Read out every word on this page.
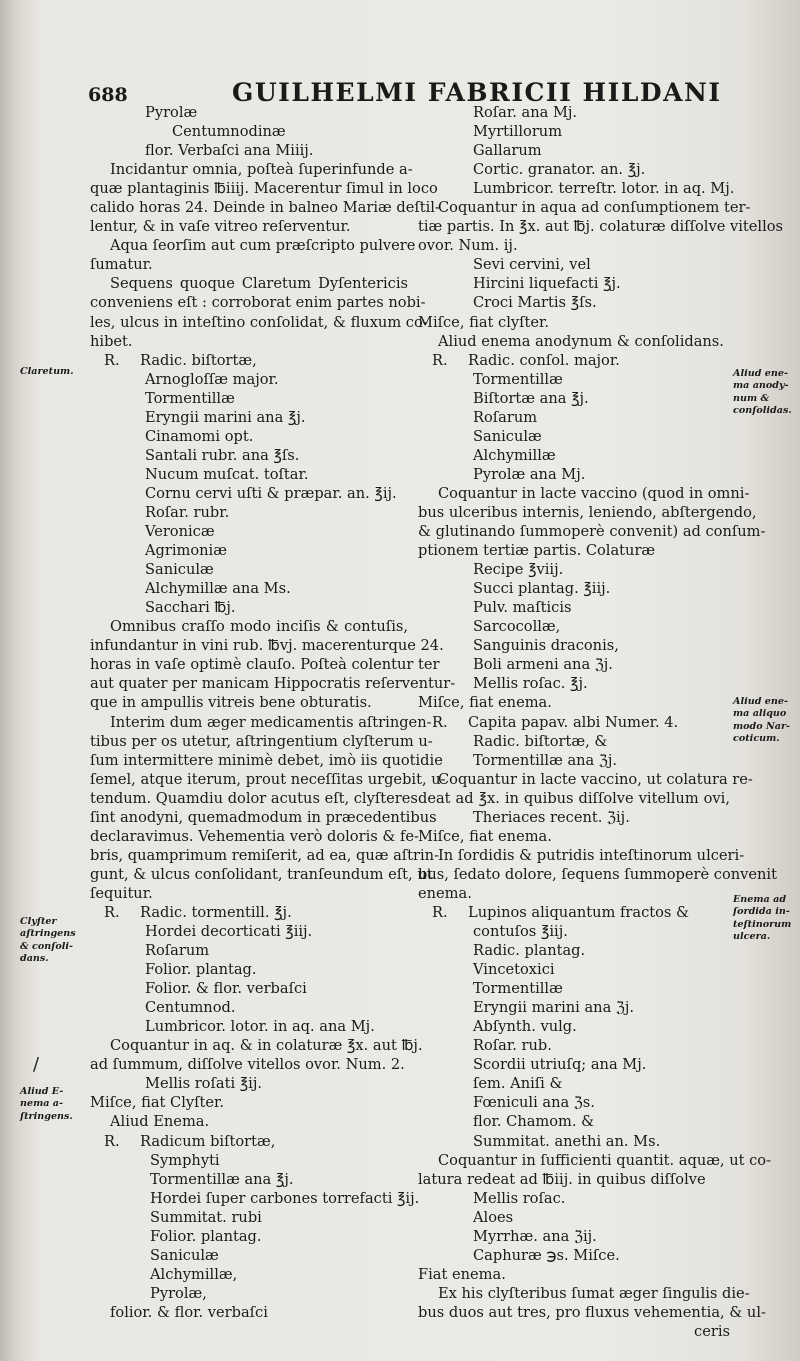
688	GUILHELMI FABRICII HILDANI
Pyrolæ
Centumnodinæ
flor. Verbaſci ana Miiij.
Incidantur omnia, poſteà ſuperinfunde a-
quæ plantaginis ℔iiij. Macerentur ſimul in loco
calido horas 24. Deinde in balneo Mariæ deſtil-
lentur, & in vaſe vitreo reſerventur.
Aqua ſeorſim aut cum præſcripto pulvere
ſumatur.
Sequens quoque Claretum Dyſentericis
conveniens eſt : corroborat enim partes nobi-
les, ulcus in inteſtino conſolidat, & fluxum co-
hibet.
R. Radic. biſtortæ,
Arnogloſſæ major.
Tormentillæ
Eryngii marini ana ℥j.
Cinamomi opt.
Santali rubr. ana ℥ſs.
Nucum muſcat. toſtar.
Cornu cervi uſti & præpar. an. ℥ij.
Roſar. rubr.
Veronicæ
Agrimoniæ
Saniculæ
Alchymillæ ana Ms.
Sacchari ℔j.
Omnibus craſſo modo inciſis & contuſis,
infundantur in vini rub. ℔vj. macerenturque 24.
horas in vaſe optimè clauſo. Poſteà colentur ter
aut quater per manicam Hippocratis reſerventur-
que in ampullis vitreis bene obturatis.
Interim dum æger medicamentis aſtringen-
tibus per os utetur, aſtringentium clyſterum u-
ſum intermittere minimè debet, imò iis quotidie
ſemel, atque iterum, prout neceſſitas urgebit, u-
tendum. Quamdiu dolor acutus eſt, clyſteres
ſint anodyni, quemadmodum in præcedentibus
declaravimus. Vehementia verò doloris & fe-
bris, quamprimum remiſerit, ad ea, quæ aſtrin-
gunt, & ulcus conſolidant, tranſeundum eſt, ut
ſequitur.
R. Radic. tormentill. ℥j.
Hordei decorticati ℥iij.
Roſarum
Folior. plantag.
Folior. & flor. verbaſci
Centumnod.
Lumbricor. lotor. in aq. ana Mj.
Coquantur in aq. & in colaturæ ℥x. aut ℔j.
ad ſummum, diſſolve vitellos ovor. Num. 2.
Mellis roſati ℥ij.
Miſce, fiat Clyſter.
Aliud Enema.
R. Radicum biſtortæ,
Symphyti
Tormentillæ ana ℥j.
Hordei ſuper carbones torrefacti ℥ij.
Summitat. rubi
Folior. plantag.
Saniculæ
Alchymillæ,
Pyrolæ,
folior. & flor. verbaſci
Roſar. ana Mj.
Myrtillorum
Gallarum
Cortic. granator. an. ℥j.
Lumbricor. terreſtr. lotor. in aq. Mj.
Coquantur in aqua ad conſumptionem ter-
tiæ partis. In ℥x. aut ℔j. colaturæ diſſolve vitellos
ovor. Num. ij.
Sevi cervini, vel
Hircini liquefacti ℥j.
Croci Martis ℥ſs.
Miſce, fiat clyſter.
Aliud enema anodynum & conſolidans.
R. Radic. conſol. major.
Tormentillæ
Biſtortæ ana ℥j.
Roſarum
Saniculæ
Alchymillæ
Pyrolæ ana Mj.
Coquantur in lacte vaccino (quod in omni-
bus ulceribus internis, leniendo, abſtergendo,
& glutinando ſummoperè convenit) ad conſum-
ptionem tertiæ partis. Colaturæ
Recipe ℥viij.
Succi plantag. ℥iij.
Pulv. maſticis
Sarcocollæ,
Sanguinis draconis,
Boli armeni ana ℨj.
Mellis roſac. ℥j.
Miſce, fiat enema.
R. Capita papav. albi Numer. 4.
Radic. biſtortæ, &
Tormentillæ ana ℨj.
Coquantur in lacte vaccino, ut colatura re-
deat ad ℥x. in quibus diſſolve vitellum ovi,
Theriaces recent. ℨij.
Miſce, fiat enema.
In ſordidis & putridis inteſtinorum ulceri-
bus, ſedato dolore, ſequens ſummoperè convenit
enema.
R. Lupinos aliquantum fractos &
contuſos ℥iij.
Radic. plantag.
Vincetoxici
Tormentillæ
Eryngii marini ana ℨj.
Abſynth. vulg.
Roſar. rub.
Scordii utriuſq; ana Mj.
ſem. Aniſi &
Fœniculi ana ℨs.
flor. Chamom. &
Summitat. anethi an. Ms.
Coquantur in ſufficienti quantit. aquæ, ut co-
latura redeat ad ℔iij. in quibus diſſolve
Mellis roſac.
Aloes
Myrrhæ. ana ℨij.
Caphuræ ℈s. Miſce.
Fiat enema.
Ex his clyſteribus ſumat æger ſingulis die-
bus duos aut tres, pro fluxus vehementia, & ul-
ceris
Claretum.
Clyſter aſtringens
& conſoli-
dans.
/
Aliud E-
nema a-
ſtringens.
Aliud ene-
ma anody-
num &
conſolidas.
Aliud ene-
ma aliquo
modo Nar-
coticum.
Enema ad
ſordida in-
teſtinorum
ulcera.
